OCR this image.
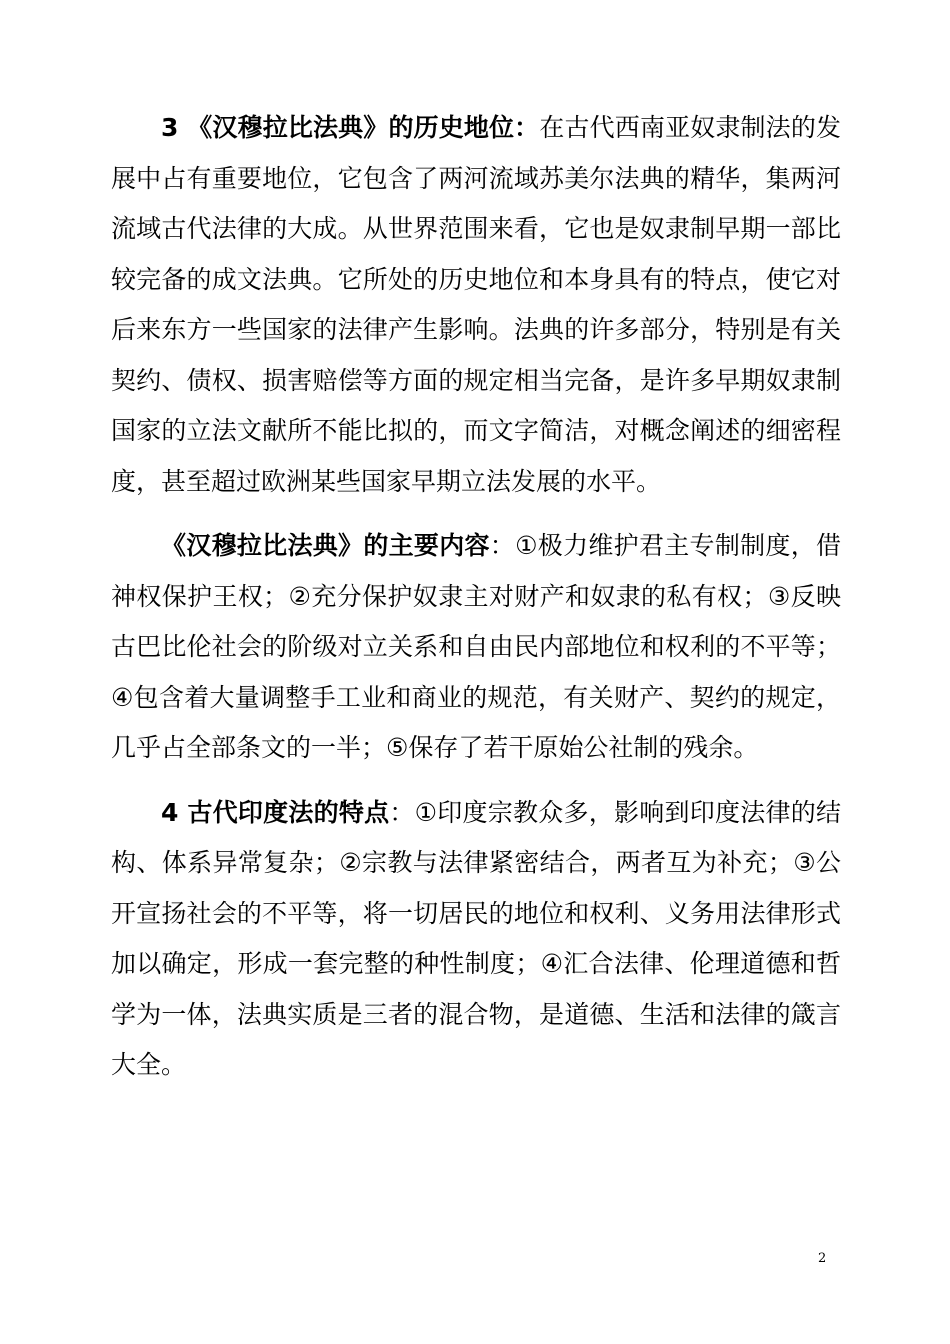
3 《汉穆拉比法典》的历史地位：在古代西南亚奴隶制法的发展中占有重要地位，它包含了两河流域苏美尔法典的精华，集两河流域古代法律的大成。从世界范围来看，它也是奴隶制早期一部比较完备的成文法典。它所处的历史地位和本身具有的特点，使它对后来东方一些国家的法律产生影响。法典的许多部分，特别是有关契约、债权、损害赔偿等方面的规定相当完备，是许多早期奴隶制国家的立法文献所不能比拟的，而文字简洁，对概念阐述的细密程度，甚至超过欧洲某些国家早期立法发展的水平。

《汉穆拉比法典》的主要内容：①极力维护君主专制制度，借神权保护王权；②充分保护奴隶主对财产和奴隶的私有权；③反映古巴比伦社会的阶级对立关系和自由民内部地位和权利的不平等；④包含着大量调整手工业和商业的规范，有关财产、契约的规定，几乎占全部条文的一半；⑤保存了若干原始公社制的残余。

4 古代印度法的特点：①印度宗教众多，影响到印度法律的结构、体系异常复杂；②宗教与法律紧密结合，两者互为补充；③公开宣扬社会的不平等，将一切居民的地位和权利、义务用法律形式加以确定，形成一套完整的种性制度；④汇合法律、伦理道德和哲学为一体，法典实质是三者的混合物，是道德、生活和法律的箴言大全。

2
